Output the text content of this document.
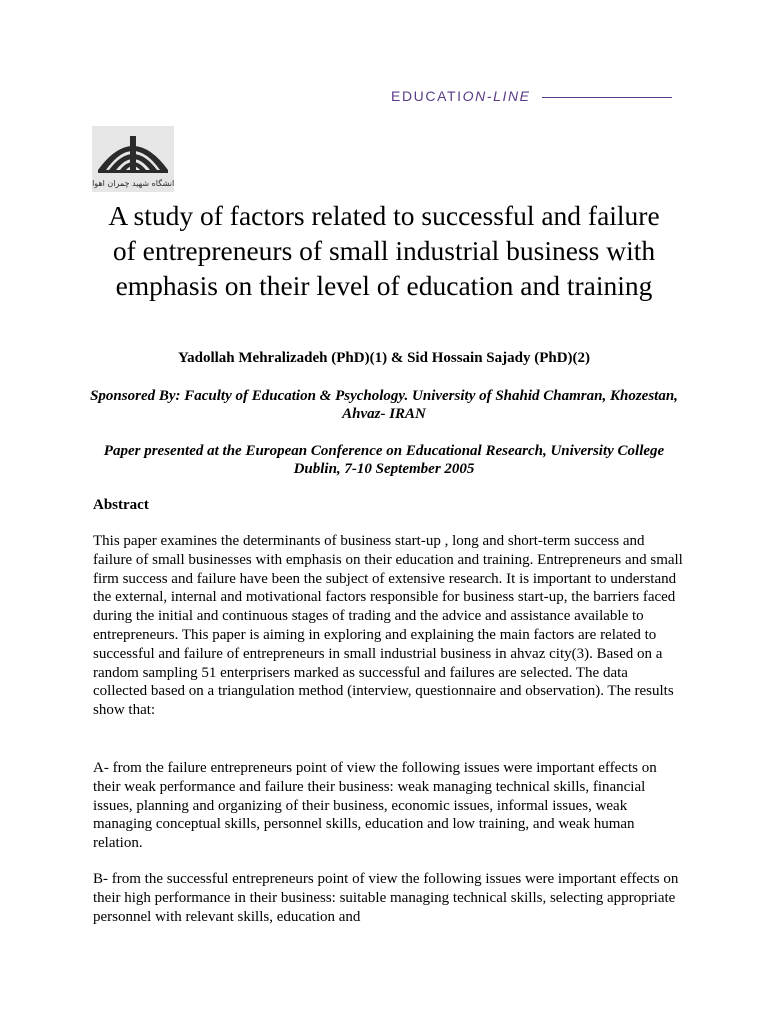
EDUCATION-LINE
دانشگاه شهید چمران اهواز
A study of factors related to successful and failure of entrepreneurs of small industrial business with emphasis on their level of education and training
Yadollah Mehralizadeh (PhD)(1) & Sid Hossain Sajady (PhD)(2)
Sponsored By: Faculty of Education & Psychology. University of Shahid Chamran, Khozestan, Ahvaz- IRAN
Paper presented at the European Conference on Educational Research, University College Dublin, 7-10 September 2005
Abstract

This paper examines the determinants of business start-up , long and short-term success and failure of small businesses with emphasis on their education and training. Entrepreneurs and small firm success and failure have been the subject of extensive research. It is important to understand the external, internal and motivational factors responsible for business start-up, the barriers faced during the initial and continuous stages of trading and the advice and assistance available to entrepreneurs. This paper is aiming in exploring and explaining the main factors are related to successful and failure of entrepreneurs in small industrial business in ahvaz city(3). Based on a random sampling 51 enterprisers marked as successful and failures are selected. The data collected based on a triangulation method (interview, questionnaire and observation). The results show that:

A- from the failure entrepreneurs point of view the following issues were important effects on their weak performance and failure their business: weak managing technical skills, financial issues, planning and organizing of their business, economic issues, informal issues, weak managing conceptual skills, personnel skills, education and low training, and weak human relation.

B- from the successful entrepreneurs point of view the following issues were important effects on their high performance in their business: suitable managing technical skills, selecting appropriate personnel with relevant skills, education and
